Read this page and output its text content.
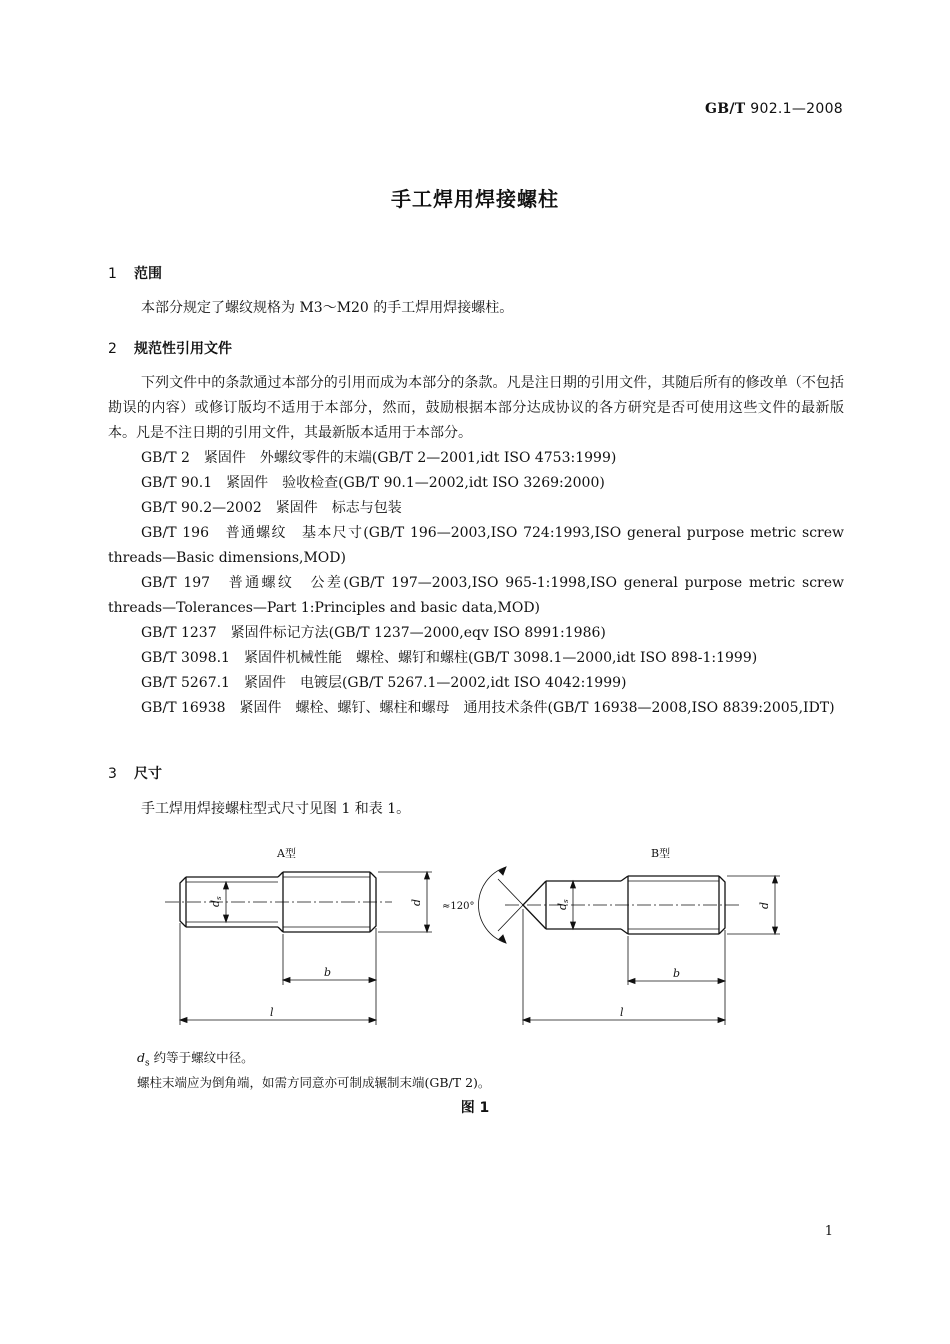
GB/T 902.1—2008
手工焊用焊接螺柱
1 范围
本部分规定了螺纹规格为 M3～M20 的手工焊用焊接螺柱。
2 规范性引用文件
下列文件中的条款通过本部分的引用而成为本部分的条款。凡是注日期的引用文件，其随后所有的修改单（不包括勘误的内容）或修订版均不适用于本部分，然而，鼓励根据本部分达成协议的各方研究是否可使用这些文件的最新版本。凡是不注日期的引用文件，其最新版本适用于本部分。
GB/T 2　紧固件　外螺纹零件的末端(GB/T 2—2001,idt ISO 4753:1999)
GB/T 90.1　紧固件　验收检查(GB/T 90.1—2002,idt ISO 3269:2000)
GB/T 90.2—2002　紧固件　标志与包装
GB/T 196　普通螺纹　基本尺寸(GB/T 196—2003,ISO 724:1993,ISO general purpose metric screw threads—Basic dimensions,MOD)
GB/T 197　普通螺纹　公差(GB/T 197—2003,ISO 965-1:1998,ISO general purpose metric screw threads—Tolerances—Part 1:Principles and basic data,MOD)
GB/T 1237　紧固件标记方法(GB/T 1237—2000,eqv ISO 8991:1986)
GB/T 3098.1　紧固件机械性能　螺栓、螺钉和螺柱(GB/T 3098.1—2000,idt ISO 898-1:1999)
GB/T 5267.1　紧固件　电镀层(GB/T 5267.1—2002,idt ISO 4042:1999)
GB/T 16938　紧固件　螺栓、螺钉、螺柱和螺母　通用技术条件(GB/T 16938—2008,ISO 8839:2005,IDT)
3 尺寸
手工焊用焊接螺柱型式尺寸见图 1 和表 1。
A型	B型
ds
d
b
l
≈120°	ds
d
b
l
$d_s$ 约等于螺纹中径。
螺柱末端应为倒角端，如需方同意亦可制成辗制末端(GB/T 2)。
图 1
1
